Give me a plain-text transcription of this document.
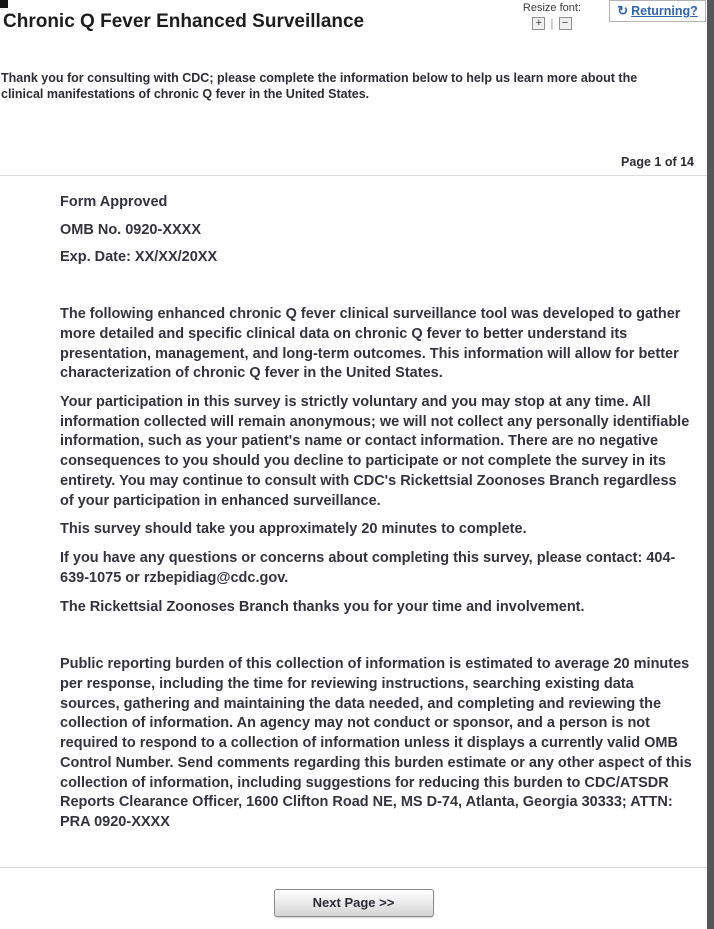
Chronic Q Fever Enhanced Surveillance
Resize font:
+ | −
↻ Returning?

Thank you for consulting with CDC; please complete the information below to help us learn more about the clinical manifestations of chronic Q fever in the United States.

Page 1 of 14

Form Approved

OMB No. 0920-XXXX

Exp. Date: XX/XX/20XX

The following enhanced chronic Q fever clinical surveillance tool was developed to gather more detailed and specific clinical data on chronic Q fever to better understand its presentation, management, and long-term outcomes. This information will allow for better characterization of chronic Q fever in the United States.

Your participation in this survey is strictly voluntary and you may stop at any time. All information collected will remain anonymous; we will not collect any personally identifiable information, such as your patient's name or contact information. There are no negative consequences to you should you decline to participate or not complete the survey in its entirety. You may continue to consult with CDC's Rickettsial Zoonoses Branch regardless of your participation in enhanced surveillance.

This survey should take you approximately 20 minutes to complete.

If you have any questions or concerns about completing this survey, please contact: 404-639-1075 or rzbepidiag@cdc.gov.

The Rickettsial Zoonoses Branch thanks you for your time and involvement.

Public reporting burden of this collection of information is estimated to average 20 minutes per response, including the time for reviewing instructions, searching existing data sources, gathering and maintaining the data needed, and completing and reviewing the collection of information. An agency may not conduct or sponsor, and a person is not required to respond to a collection of information unless it displays a currently valid OMB Control Number. Send comments regarding this burden estimate or any other aspect of this collection of information, including suggestions for reducing this burden to CDC/ATSDR Reports Clearance Officer, 1600 Clifton Road NE, MS D-74, Atlanta, Georgia 30333; ATTN: PRA 0920-XXXX

Next Page >>
